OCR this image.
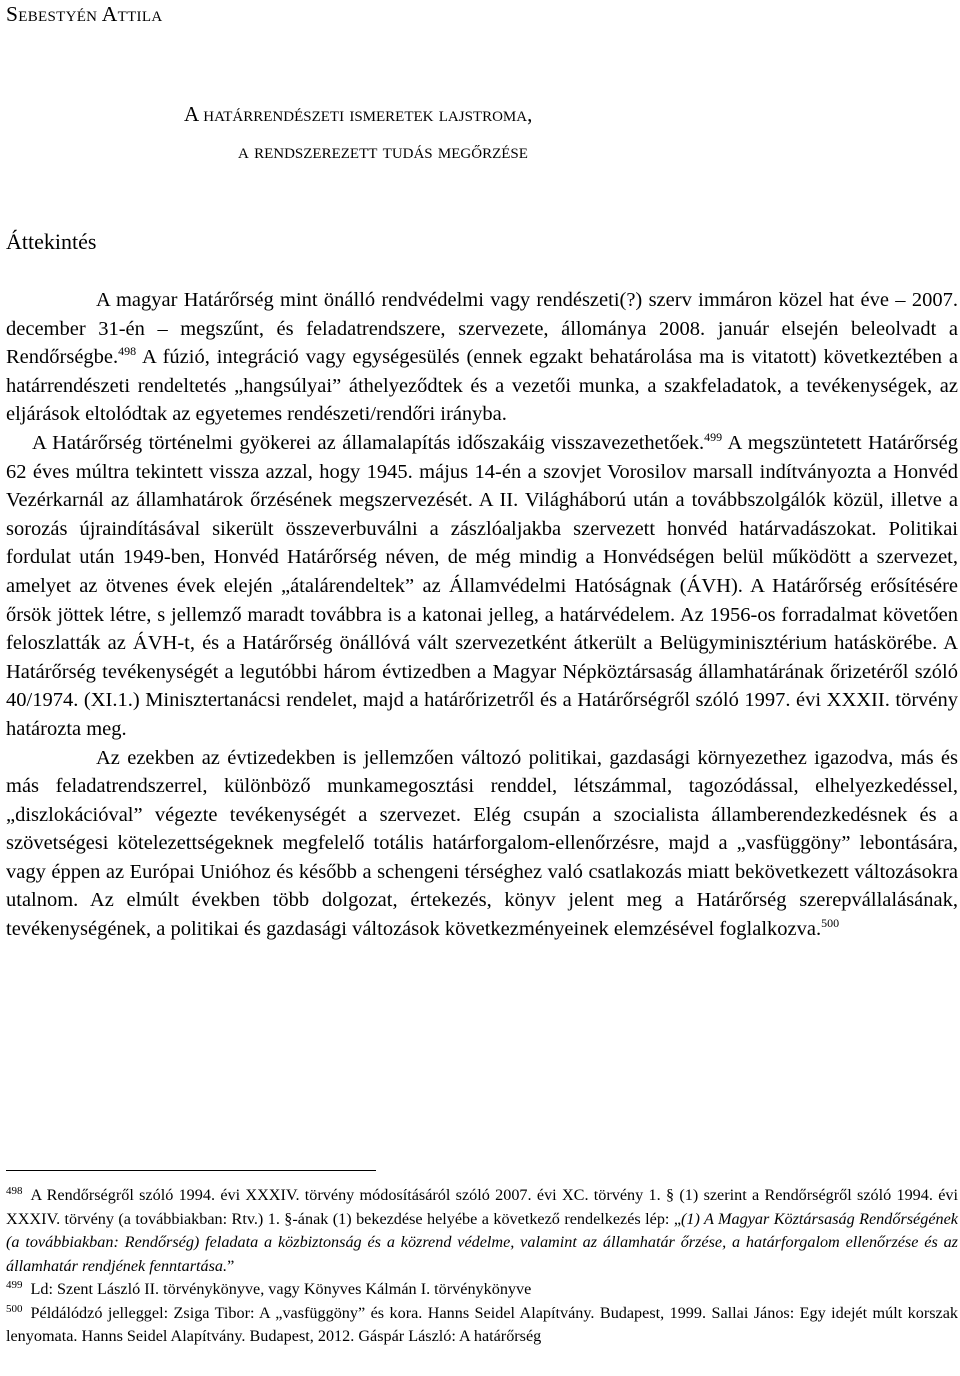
Sebestyén Attila
A határrendészeti ismeretek lajstroma,
a rendszerezett tudás megőrzése
Áttekintés

A magyar Határőrség mint önálló rendvédelmi vagy rendészeti(?) szerv immáron közel hat éve – 2007. december 31-én – megszűnt, és feladatrendszere, szervezete, állománya 2008. január elsején beleolvadt a Rendőrségbe.$^{498}$ A fúzió, integráció vagy egységesülés (ennek egzakt behatárolása ma is vitatott) következtében a határrendészeti rendeltetés „hangsúlyai” áthelyeződtek és a vezetői munka, a szakfeladatok, a tevékenységek, az eljárások eltolódtak az egyetemes rendészeti/rendőri irányba.

A Határőrség történelmi gyökerei az államalapítás időszakáig visszavezethetőek.$^{499}$ A megszüntetett Határőrség 62 éves múltra tekintett vissza azzal, hogy 1945. május 14-én a szovjet Vorosilov marsall indítványozta a Honvéd Vezérkarnál az államhatárok őrzésének megszervezését. A II. Világháború után a továbbszolgálók közül, illetve a sorozás újraindításával sikerült összeverbuválni a zászlóaljakba szervezett honvéd határvadászokat. Politikai fordulat után 1949-ben, Honvéd Határőrség néven, de még mindig a Honvédségen belül működött a szervezet, amelyet az ötvenes évek elején „átalárendeltek” az Államvédelmi Hatóságnak (ÁVH). A Határőrség erősítésére őrsök jöttek létre, s jellemző maradt továbbra is a katonai jelleg, a határvédelem. Az 1956-os forradalmat követően feloszlatták az ÁVH-t, és a Határőrség önállóvá vált szervezetként átkerült a Belügyminisztérium hatáskörébe. A Határőrség tevékenységét a legutóbbi három évtizedben a Magyar Népköztársaság államhatárának őrizetéről szóló 40/1974. (XI.1.) Minisztertanácsi rendelet, majd a határőrizetről és a Határőrségről szóló 1997. évi XXXII. törvény határozta meg.

Az ezekben az évtizedekben is jellemzően változó politikai, gazdasági környezethez igazodva, más és más feladatrendszerrel, különböző munkamegosztási renddel, létszámmal, tagozódással, elhelyezkedéssel, „diszlokációval” végezte tevékenységét a szervezet. Elég csupán a szocialista államberendezkedésnek és a szövetségesi kötelezettségeknek megfelelő totális határforgalom-ellenőrzésre, majd a „vasfüggöny” lebontására, vagy éppen az Európai Unióhoz és később a schengeni térséghez való csatlakozás miatt bekövetkezett változásokra utalnom. Az elmúlt években több dolgozat, értekezés, könyv jelent meg a Határőrség szerepvállalásának, tevékenységének, a politikai és gazdasági változások következményeinek elemzésével foglalkozva.$^{500}$

$^{498}$ A Rendőrségről szóló 1994. évi XXXIV. törvény módosításáról szóló 2007. évi XC. törvény 1. § (1) szerint a Rendőrségről szóló 1994. évi XXXIV. törvény (a továbbiakban: Rtv.) 1. §-ának (1) bekezdése helyébe a következő rendelkezés lép: „(1) A Magyar Köztársaság Rendőrségének (a továbbiakban: Rendőrség) feladata a közbiztonság és a közrend védelme, valamint az államhatár őrzése, a határforgalom ellenőrzése és az államhatár rendjének fenntartása.”

$^{499}$ Ld: Szent László II. törvénykönyve, vagy Könyves Kálmán I. törvénykönyve

$^{500}$ Példálódzó jelleggel: Zsiga Tibor: A „vasfüggöny” és kora. Hanns Seidel Alapítvány. Budapest, 1999. Sallai János: Egy idejét múlt korszak lenyomata. Hanns Seidel Alapítvány. Budapest, 2012. Gáspár László: A határőrség
